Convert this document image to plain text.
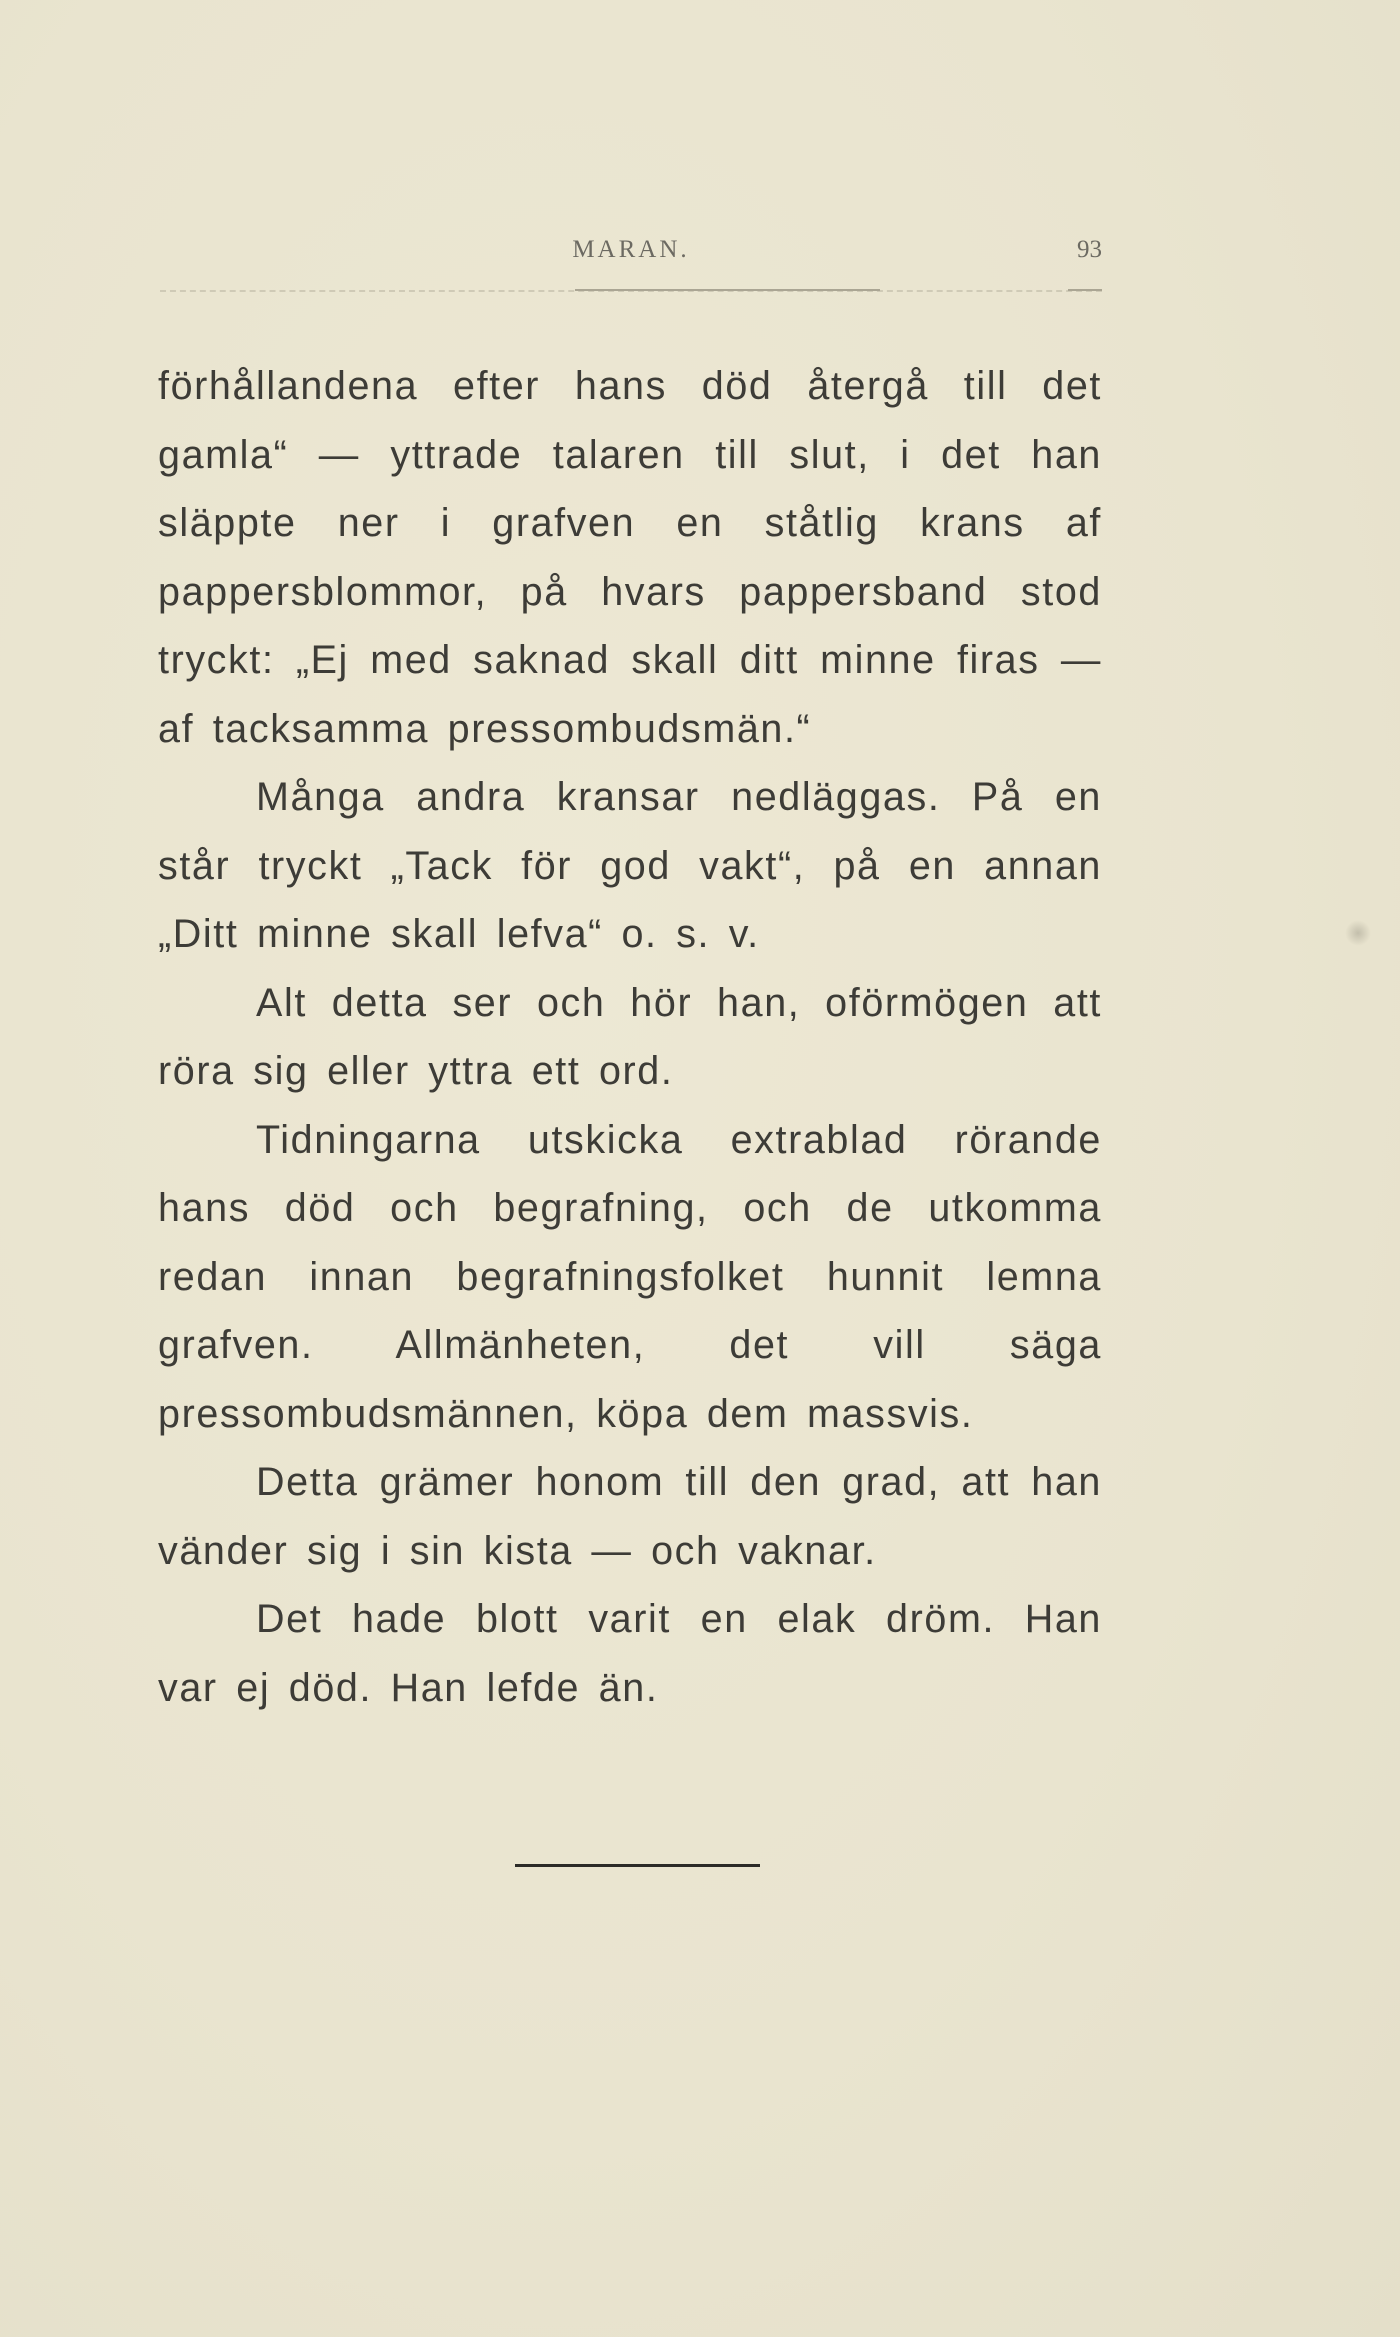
MARAN.	93

förhållandena efter hans död återgå till det gamla“ — yttrade talaren till slut, i det han släppte ner i grafven en ståtlig krans af pappersblommor, på hvars pappersband stod tryckt: „Ej med saknad skall ditt minne firas — af tacksamma pressombudsmän.“

Många andra kransar nedläggas. På en står tryckt „Tack för god vakt“, på en annan „Ditt minne skall lefva“ o. s. v.

Alt detta ser och hör han, oförmögen att röra sig eller yttra ett ord.

Tidningarna utskicka extrablad rörande hans död och begrafning, och de utkomma redan innan begrafningsfolket hunnit lemna grafven. Allmänheten, det vill säga pressombudsmännen, köpa dem massvis.

Detta grämer honom till den grad, att han vänder sig i sin kista — och vaknar.

Det hade blott varit en elak dröm. Han var ej död. Han lefde än.
